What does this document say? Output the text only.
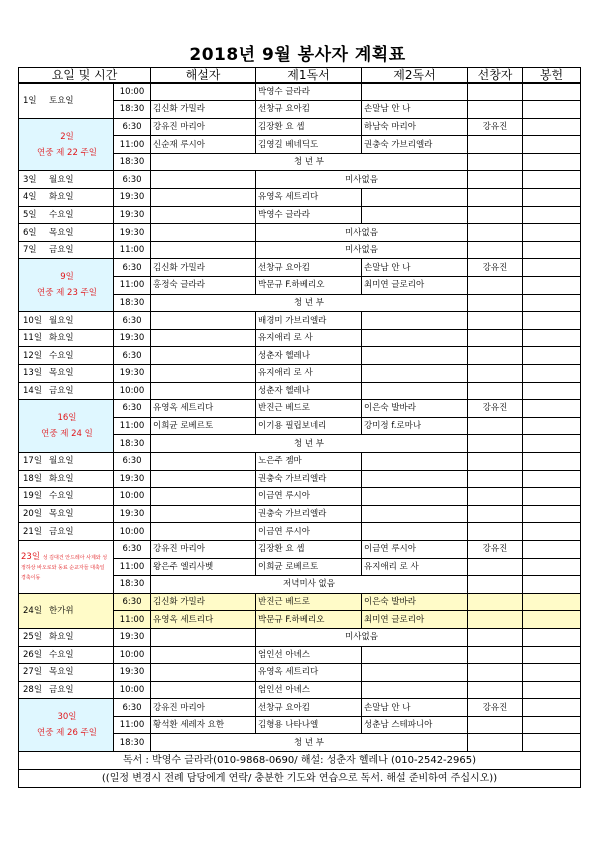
2018년 9월 봉사자 계획표
요일 및 시간		해설자	제1독서	제2독서	선창자	봉헌
1일 토요일	10:00		박영수 글라라			
	18:30	김신화 가밀라	선창규 요아킴	손말남 안 나		

2일
연중 제 22 주일	6:30	강유진 마리아	김장환 요 셉	하남숙 마리아	강유진	
	11:00	신순재 루시아	김영길 베네딕도	권충숙 가브리엘라		
	18:30	청 년 부				
3일 월요일	6:30		미사없음			
4일 화요일	19:30		유영옥 세트리다			
5일 수요일	19:30		박영수 글라라			
6일 목요일	19:30		미사없음			
7일 금요일	11:00		미사없음			

9일
연중 제 23 주일	6:30	김신화 가밀라	선창규 요아킴	손말남 안 나	강유진	
	11:00	홍정숙 글라라	박문규 F.하베리오	최미연 글로리아		
	18:30	청 년 부				
10일 월요일	6:30		배경미 가브리엘라			
11일 화요일	19:30		유지애리 로 사			
12일 수요일	6:30		성춘자 헬레나			
13일 목요일	19:30		유지애리 로 사			
14일 금요일	10:00		성춘자 헬레나			

16일
연중 제 24 일	6:30	유영옥 세트리다	반진근 베드로	이은숙 발바라	강유진	
	11:00	이희균 로베르토	이기용 필립보네리	강미정 f.로마나		
	18:30	청 년 부				
17일 월요일	6:30		노은주 젬마			
18일 화요일	19:30		권충숙 가브리엘라			
19일 수요일	10:00		이금연 루시아			
20일 목요일	19:30		권충숙 가브리엘라			
21일 금요일	10:00		이금연 루시아			
23일 성 김대건 안드레아 사제와 성 정하상 바오로와 동료 순교자들 대축일 경축이동	6:30	강유진 마리아	김장환 요 셉	이금연 루시아	강유진	
	11:00	왕은주 엘리사벳	이희균 로베르토	유지애리 로 사		
	18:30	저녁미사 없음				
24일 한가위	6:30	김신화 가밀라	반진근 베드로	이은숙 발바라		
	11:00	유영옥 세트리다	박문규 F.하베리오	최미연 글로리아		
25일 화요일	19:30		미사없음			
26일 수요일	10:00		엄인선 아녜스			
27일 목요일	19:30		유영옥 세트리다			
28일 금요일	10:00		엄인선 아녜스			

30일
연중 제 26 주일	6:30	강유진 마리아	선창규 요아킴	손말남 안 나	강유진	
	11:00	황석환 세레자 요한	김형용 나타나엘	성춘남 스테파니아		
	18:30	청 년 부				
독서 : 박영수 글라라(010-9868-0690/ 해설: 성춘자 헬레나 (010-2542-2965)						
((일정 변경시 전례 담당에게 연락/ 충분한 기도와 연습으로 독서. 해설 준비하여 주십시오))						
